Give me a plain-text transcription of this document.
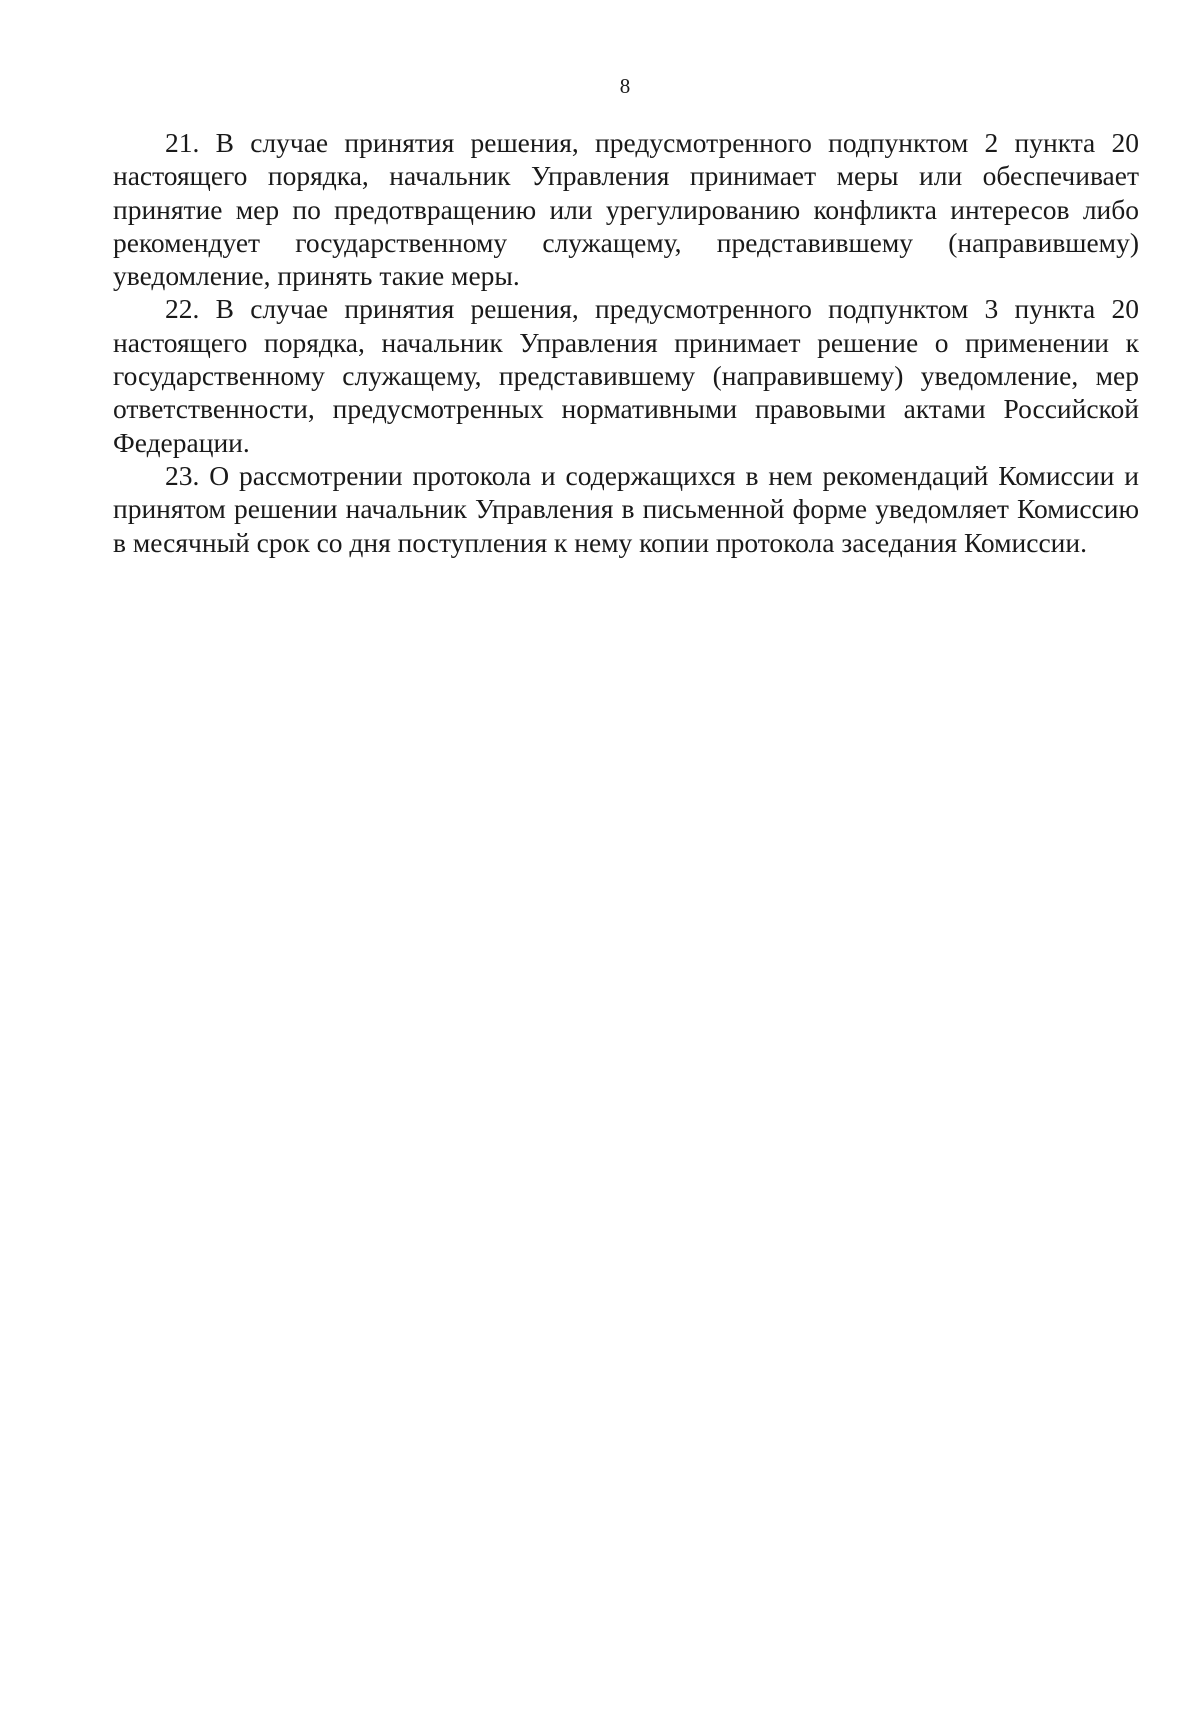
8

21. В случае принятия решения, предусмотренного подпунктом 2 пункта 20 настоящего порядка, начальник Управления принимает меры или обеспечивает принятие мер по предотвращению или урегулированию конфликта интересов либо рекомендует государственному служащему, представившему (направившему) уведомление, принять такие меры.

22. В случае принятия решения, предусмотренного подпунктом 3 пункта 20 настоящего порядка, начальник Управления принимает решение о применении к государственному служащему, представившему (направившему) уведомление, мер ответственности, предусмотренных нормативными правовыми актами Российской Федерации.

23. О рассмотрении протокола и содержащихся в нем рекомендаций Комиссии и принятом решении начальник Управления в письменной форме уведомляет Комиссию в месячный срок со дня поступления к нему копии протокола заседания Комиссии.
